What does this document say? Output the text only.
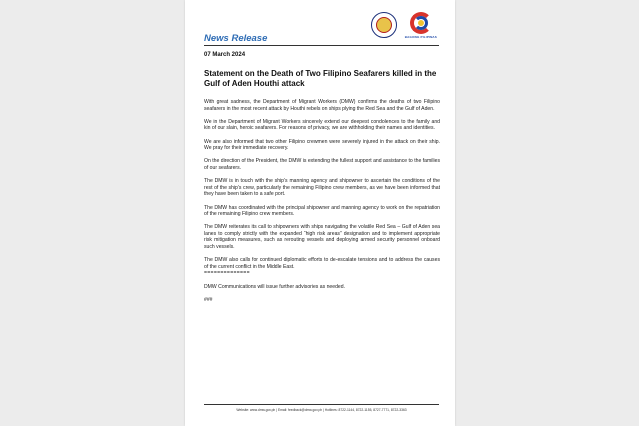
BAGONG PILIPINAS
News Release
07 March 2024
Statement on the Death of Two Filipino Seafarers killed in the Gulf of Aden Houthi attack

With great sadness, the Department of Migrant Workers (DMW) confirms the deaths of two Filipino seafarers in the most recent attack by Houthi rebels on ships plying the Red Sea and the Gulf of Aden.

We in the Department of Migrant Workers sincerely extend our deepest condolences to the family and kin of our slain, heroic seafarers. For reasons of privacy, we are withholding their names and identities.

We are also informed that two other Filipino crewmen were severely injured in the attack on their ship. We pray for their immediate recovery.

On the direction of the President, the DMW is extending the fullest support and assistance to the families of our seafarers.

The DMW is in touch with the ship’s manning agency and shipowner to ascertain the conditions of the rest of the ship’s crew, particularly the remaining Filipino crew members, as we have been informed that they have been taken to a safe port.

The DMW has coordinated with the principal shipowner and manning agency to work on the repatriation of the remaining Filipino crew members.

The DMW reiterates its call to shipowners with ships navigating the volatile Red Sea – Gulf of Aden sea lanes to comply strictly with the expanded “high risk areas” designation and to implement appropriate risk mitigation measures, such as rerouting vessels and deploying armed security personnel onboard such vessels.

The DMW also calls for continued diplomatic efforts to de-escalate tensions and to address the causes of the current conflict in the Middle East.

==============

DMW Communications will issue further advisories as needed.

###

Website: www.dmw.gov.ph | Email: feedback@dmw.gov.ph | Hotlines: 8722-1144, 8722-1155, 8727-7771, 8722-3363
